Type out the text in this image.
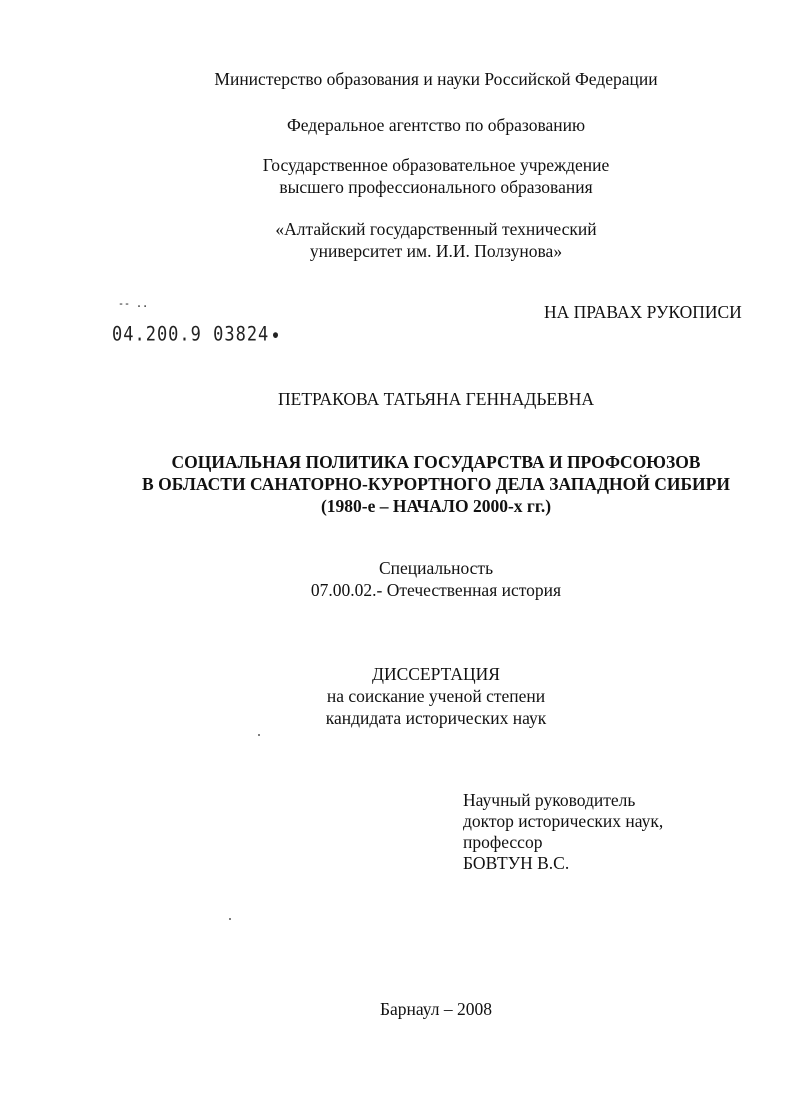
Министерство образования и науки Российской Федерации
Федеральное агентство по образованию
Государственное образовательное учреждение
высшего профессионального образования
«Алтайский государственный технический
университет им. И.И. Ползунова»
НА ПРАВАХ РУКОПИСИ
-- ..
04.200.9 03824
ПЕТРАКОВА ТАТЬЯНА ГЕННАДЬЕВНА
СОЦИАЛЬНАЯ ПОЛИТИКА ГОСУДАРСТВА И ПРОФСОЮЗОВ
В ОБЛАСТИ САНАТОРНО-КУРОРТНОГО ДЕЛА ЗАПАДНОЙ СИБИРИ
(1980-е – НАЧАЛО 2000-х гг.)
Специальность
07.00.02.- Отечественная история
ДИССЕРТАЦИЯ
на соискание ученой степени
кандидата исторических наук
Научный руководитель
доктор исторических наук,
профессор
БОВТУН В.С.
Барнаул – 2008
